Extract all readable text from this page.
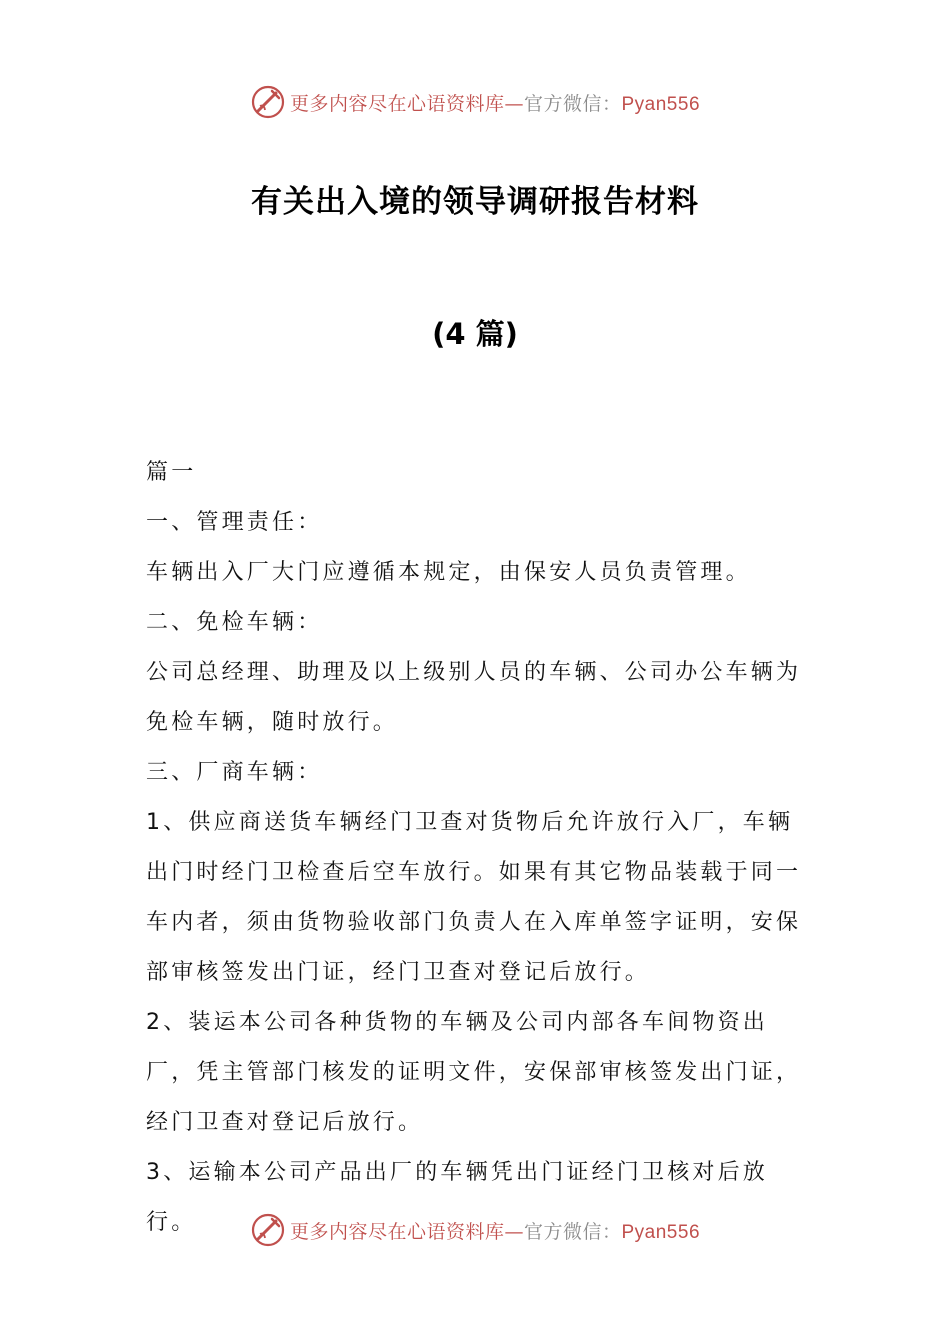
更多内容尽在心语资料库—官方微信：Pyan556
有关出入境的领导调研报告材料
(4 篇)

篇一

一、管理责任：

车辆出入厂大门应遵循本规定，由保安人员负责管理。

二、免检车辆：

公司总经理、助理及以上级别人员的车辆、公司办公车辆为免检车辆，随时放行。

三、厂商车辆：

1、供应商送货车辆经门卫查对货物后允许放行入厂，车辆出门时经门卫检查后空车放行。如果有其它物品装载于同一车内者，须由货物验收部门负责人在入库单签字证明，安保部审核签发出门证，经门卫查对登记后放行。

2、装运本公司各种货物的车辆及公司内部各车间物资出厂，凭主管部门核发的证明文件，安保部审核签发出门证，经门卫查对登记后放行。

3、运输本公司产品出厂的车辆凭出门证经门卫核对后放行。	更多内容尽在心语资料库—官方微信：Pyan556
